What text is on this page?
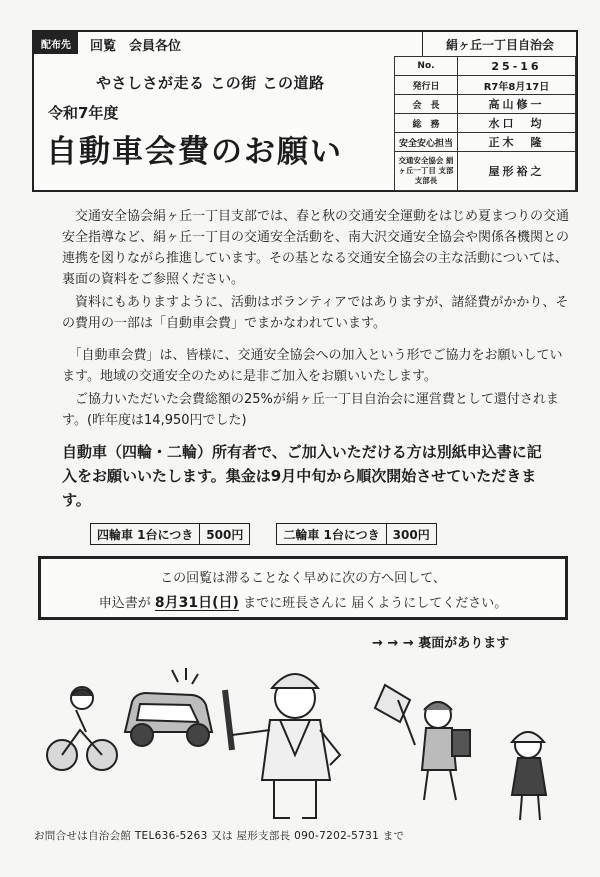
配布先	回覧　会員各位
やさしさが走る この街 この道路
令和7年度
自動車会費のお願い
絹ヶ丘一丁目自治会
No.	25-16
発行日	R7年8月17日
会　長	高山修一
総　務	水口　均
安全安心担当	正木　隆
交通安全協会 絹ヶ丘一丁目 支部 支部長	屋形裕之
　交通安全協会絹ヶ丘一丁目支部では、春と秋の交通安全運動をはじめ夏まつりの交通安全指導など、絹ヶ丘一丁目の交通安全活動を、南大沢交通安全協会や関係各機関との連携を図りながら推進しています。その基となる交通安全協会の主な活動については、裏面の資料をご参照ください。
　資料にもありますように、活動はボランティアではありますが、諸経費がかかり、その費用の一部は「自動車会費」でまかなわれています。
　「自動車会費」は、皆様に、交通安全協会への加入という形でご協力をお願いしています。地域の交通安全のために是非ご加入をお願いいたします。
　ご協力いただいた会費総額の25%が絹ヶ丘一丁目自治会に運営費として還付されます。(昨年度は14,950円でした)
自動車（四輪・二輪）所有者で、ご加入いただける方は別紙申込書に記入をお願いいたします。集金は9月中旬から順次開始させていただきます。
四輪車 1台につき	500円		二輪車 1台につき	300円
この回覧は滞ることなく早めに次の方へ回して、
申込書が 8月31日(日) までに班長さんに 届くようにしてください。
→ → → 裏面があります
お問合せは自治会館 TEL636-5263 又は 屋形支部長 090-7202-5731 まで
